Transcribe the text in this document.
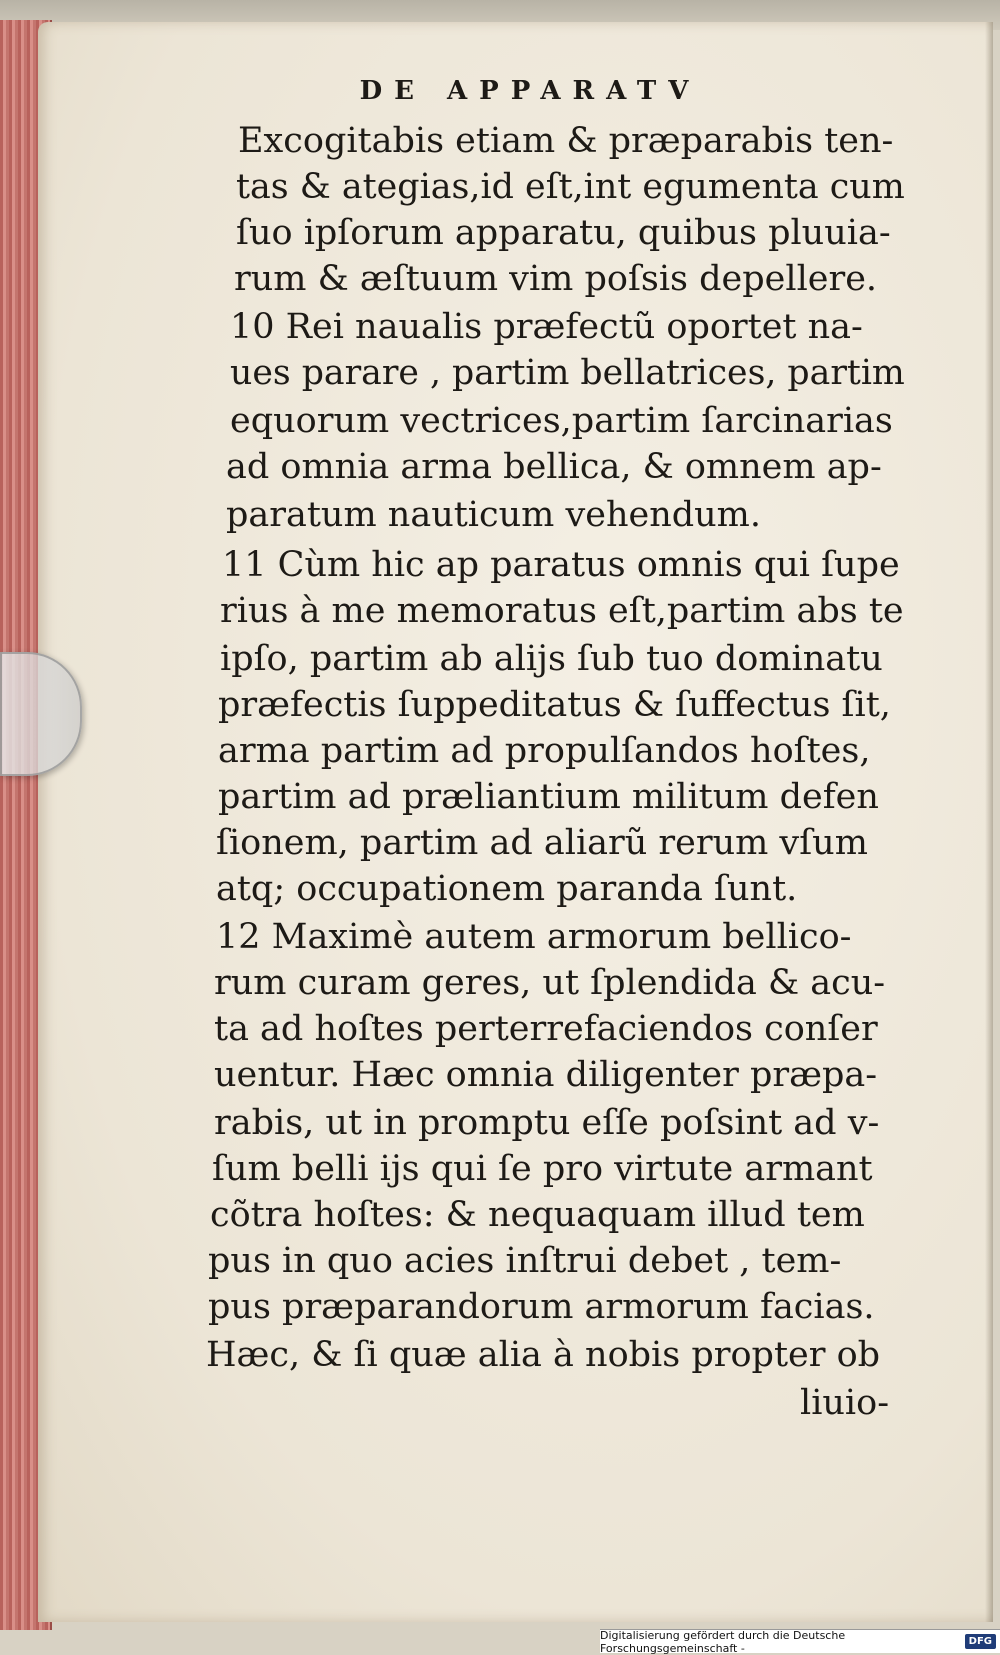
DE APPARATV
Excogitabis etiam & præparabis ten-
tas & ategias,id eſt,int egumenta cum
ſuo ipſorum apparatu, quibus pluuia-
rum & æſtuum vim poſsis depellere.
10 Rei naualis præfectũ oportet na-
ues parare , partim bellatrices, partim
equorum vectrices,partim ſarcinarias
ad omnia arma bellica, & omnem ap-
paratum nauticum vehendum.
11 Cùm hic ap paratus omnis qui ſupe
rius à me memoratus eſt,partim abs te
ipſo, partim ab alijs ſub tuo dominatu
præfectis ſuppeditatus & ſuffectus ſit,
arma partim ad propulſandos hoſtes,
partim ad præliantium militum defen
ſionem, partim ad aliarũ rerum vſum
atq; occupationem paranda ſunt.
12 Maximè autem armorum bellico-
rum curam geres, ut ſplendida & acu-
ta ad hoſtes perterrefaciendos conſer
uentur. Hæc omnia diligenter præpa-
rabis, ut in promptu eſſe poſsint ad v-
ſum belli ijs qui ſe pro virtute armant
cõtra hoſtes: & nequaquam illud tem
pus in quo acies inſtrui debet , tem-
pus præparandorum armorum facias.
Hæc, & ſi quæ alia à nobis propter ob
liuio-
Digitalisierung gefördert durch die Deutsche Forschungsgemeinschaft -	DFG
